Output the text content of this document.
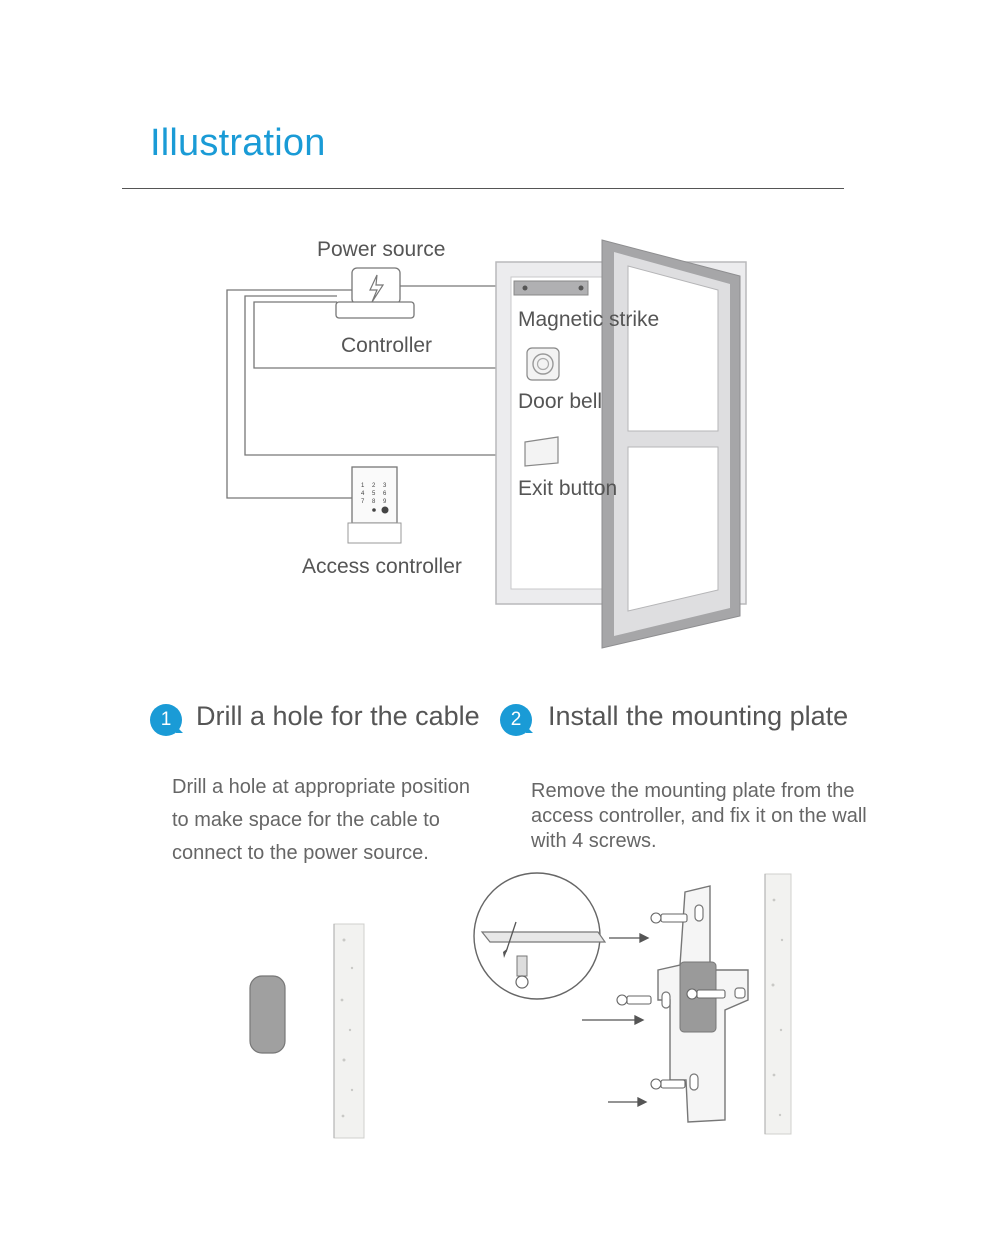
Illustration
1 2 3
4 5 6
7 8 9
Power source
Controller
Magnetic strike
Door bell
Exit button
Access controller
1 Drill a hole for the cable
Drill a hole at appropriate position to make space for the cable to connect to the power source.
2 Install the mounting plate
Remove the mounting plate from the access controller, and fix it on the wall with 4 screws.
